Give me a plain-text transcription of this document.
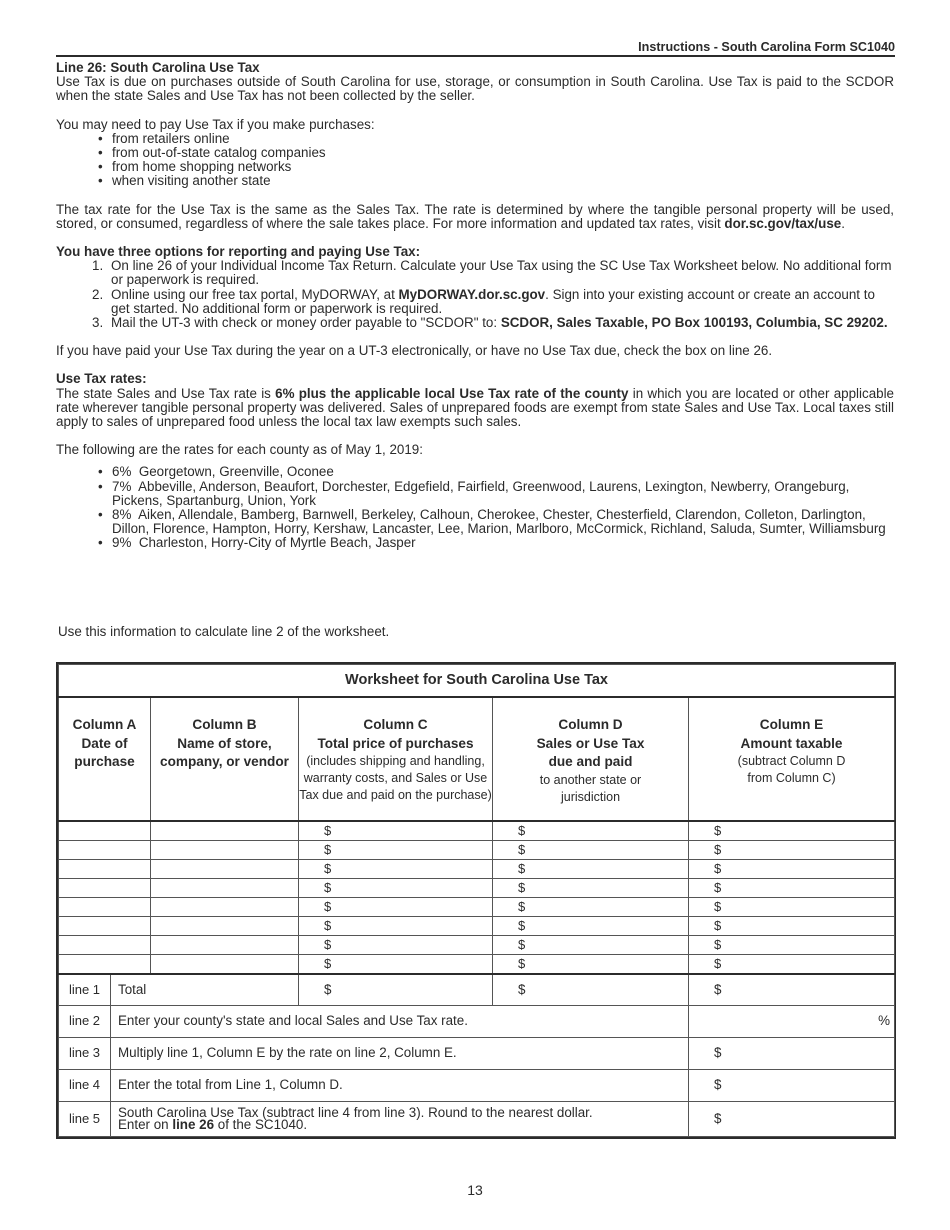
Instructions - South Carolina Form SC1040

Line 26: South Carolina Use Tax

Use Tax is due on purchases outside of South Carolina for use, storage, or consumption in South Carolina. Use Tax is paid to the SCDOR when the state Sales and Use Tax has not been collected by the seller.

You may need to pay Use Tax if you make purchases:

• from retailers online
• from out-of-state catalog companies
• from home shopping networks
• when visiting another state

The tax rate for the Use Tax is the same as the Sales Tax. The rate is determined by where the tangible personal property will be used, stored, or consumed, regardless of where the sale takes place. For more information and updated tax rates, visit dor.sc.gov/tax/use.

You have three options for reporting and paying Use Tax:

1. On line 26 of your Individual Income Tax Return. Calculate your Use Tax using the SC Use Tax Worksheet below. No additional form or paperwork is required.
2. Online using our free tax portal, MyDORWAY, at MyDORWAY.dor.sc.gov. Sign into your existing account or create an account to get started. No additional form or paperwork is required.
3. Mail the UT-3 with check or money order payable to "SCDOR" to: SCDOR, Sales Taxable, PO Box 100193, Columbia, SC 29202.

If you have paid your Use Tax during the year on a UT-3 electronically, or have no Use Tax due, check the box on line 26.

Use Tax rates:

The state Sales and Use Tax rate is 6% plus the applicable local Use Tax rate of the county in which you are located or other applicable rate wherever tangible personal property was delivered. Sales of unprepared foods are exempt from state Sales and Use Tax. Local taxes still apply to sales of unprepared food unless the local tax law exempts such sales.

The following are the rates for each county as of May 1, 2019:

• 6% Georgetown, Greenville, Oconee
• 7% Abbeville, Anderson, Beaufort, Dorchester, Edgefield, Fairfield, Greenwood, Laurens, Lexington, Newberry, Orangeburg, Pickens, Spartanburg, Union, York
• 8% Aiken, Allendale, Bamberg, Barnwell, Berkeley, Calhoun, Cherokee, Chester, Chesterfield, Clarendon, Colleton, Darlington, Dillon, Florence, Hampton, Horry, Kershaw, Lancaster, Lee, Marion, Marlboro, McCormick, Richland, Saluda, Sumter, Williamsburg
• 9% Charleston, Horry-City of Myrtle Beach, Jasper
Use this information to calculate line 2 of the worksheet.
Worksheet for South Carolina Use Tax					

Column A
Date of
purchase

Column B
Name of store,
company, or vendor

Column C
Total price of purchases
(includes shipping and handling, warranty costs, and Sales or Use Tax due and paid on the purchase)

Column D
Sales or Use Tax
due and paid
to another state or jurisdiction

Column E
Amount taxable
(subtract Column D from Column C)

			$	$	$
			$	$	$
			$	$	$
			$	$	$
			$	$	$
			$	$	$
			$	$	$
			$	$	$
line 1	Total		$	$	$
line 2	Enter your county's state and local Sales and Use Tax rate.				%
line 3	Multiply line 1, Column E by the rate on line 2, Column E.				$
line 4	Enter the total from Line 1, Column D.				$
line 5	South Carolina Use Tax (subtract line 4 from line 3). Round to the nearest dollar.
Enter on line 26 of the SC1040.				$
13
